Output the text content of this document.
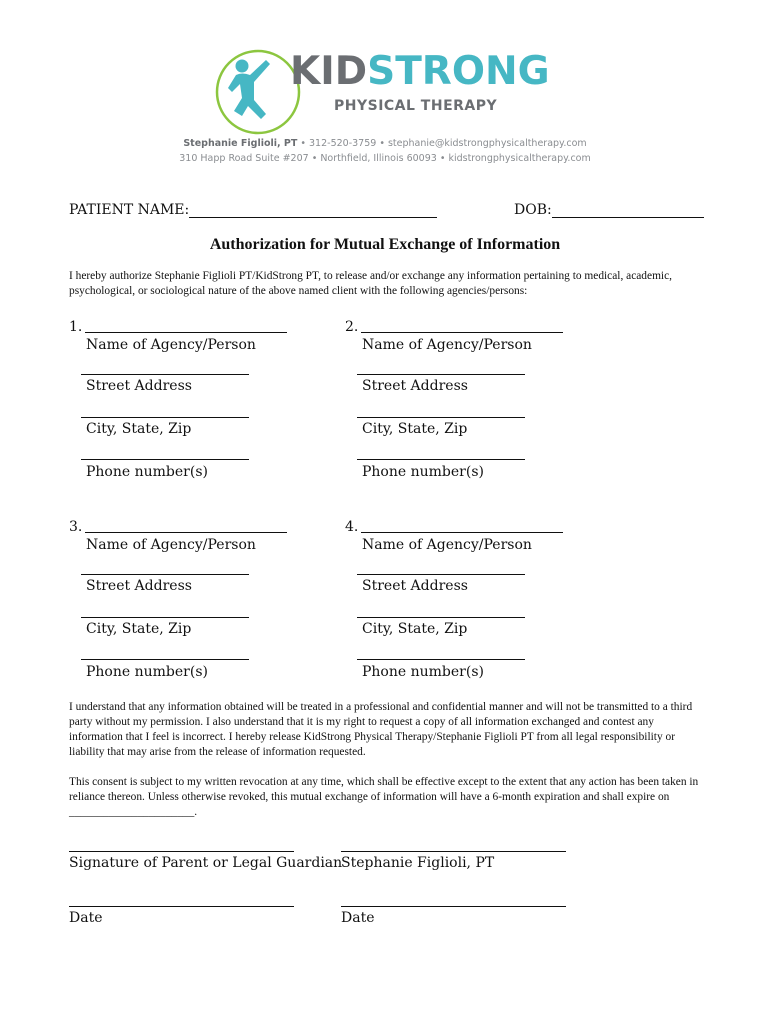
KIDSTRONG
PHYSICAL THERAPY
Stephanie Figlioli, PT • 312-520-3759 • stephanie@kidstrongphysicaltherapy.com
310 Happ Road Suite #207 • Northfield, Illinois 60093 • kidstrongphysicaltherapy.com
PATIENT NAME:	DOB:
Authorization for Mutual Exchange of Information
I hereby authorize Stephanie Figlioli PT/KidStrong PT, to release and/or exchange any information pertaining to medical, academic, psychological, or sociological nature of the above named client with the following agencies/persons:
1.
Name of Agency/Person
Street Address
City, State, Zip
Phone number(s)
2.
Name of Agency/Person
Street Address
City, State, Zip
Phone number(s)
3.
Name of Agency/Person
Street Address
City, State, Zip
Phone number(s)
4.
Name of Agency/Person
Street Address
City, State, Zip
Phone number(s)
I understand that any information obtained will be treated in a professional and confidential manner and will not be transmitted to a third party without my permission. I also understand that it is my right to request a copy of all information exchanged and contest any information that I feel is incorrect. I hereby release KidStrong Physical Therapy/Stephanie Figlioli PT from all legal responsibility or liability that may arise from the release of information requested.
This consent is subject to my written revocation at any time, which shall be effective except to the extent that any action has been taken in reliance thereon. Unless otherwise revoked, this mutual exchange of information will have a 6-month expiration and shall expire on ______________________.
Signature of Parent or Legal Guardian
Stephanie Figlioli, PT
Date	Date
